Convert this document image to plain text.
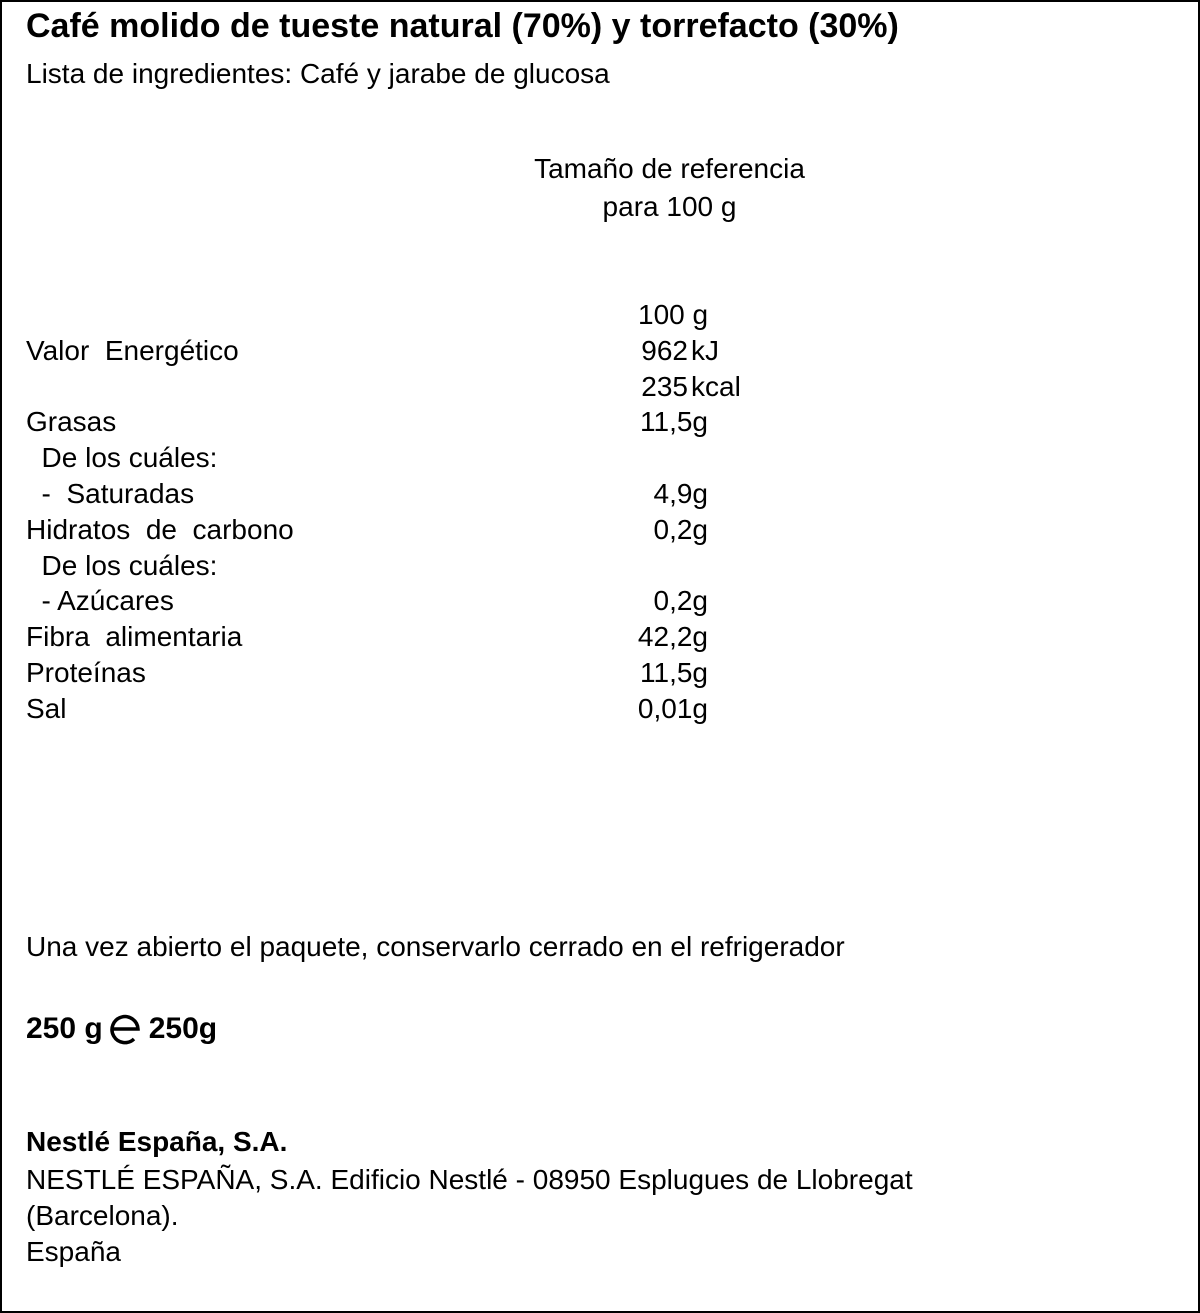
Café molido de tueste natural (70%) y torrefacto (30%)
Lista de ingredientes: Café y jarabe de glucosa
Tamaño de referencia
para 100 g
100 g
Valor  Energético	962 kJ
235 kcal
Grasas	11,5g
De los cuáles:
-  Saturadas	4,9g
Hidratos  de  carbono	0,2g
De los cuáles:
- Azúcares	0,2g
Fibra  alimentaria	42,2g
Proteínas	11,5g
Sal	0,01g
Una vez abierto el paquete, conservarlo cerrado en el refrigerador
250 g 250g
Nestlé España, S.A.
NESTLÉ ESPAÑA, S.A. Edificio Nestlé - 08950 Esplugues de Llobregat
(Barcelona).
España
